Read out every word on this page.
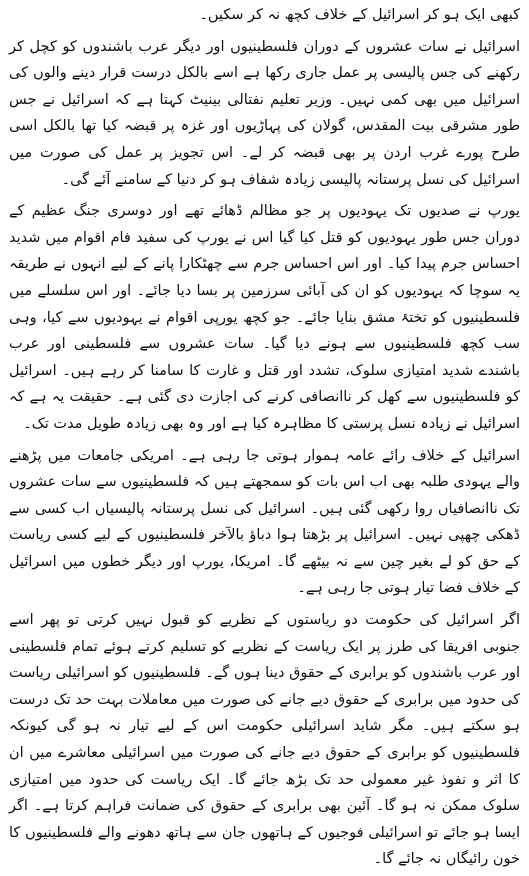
کبھی ایک ہو کر اسرائیل کے خلاف کچھ نہ کر سکیں۔

اسرائیل نے سات عشروں کے دوران فلسطینیوں اور دیگر عرب باشندوں کو کچل کر رکھنے کی جس پالیسی پر عمل جاری رکھا ہے اسے بالکل درست قرار دینے والوں کی اسرائیل میں بھی کمی نہیں۔ وزیر تعلیم نفتالی بینیٹ کہتا ہے کہ اسرائیل نے جس طور مشرقی بیت المقدس، گولان کی پہاڑیوں اور غزہ پر قبضہ کیا تھا بالکل اسی طرح پورے غرب اردن پر بھی قبضہ کر لے۔ اس تجویز پر عمل کی صورت میں اسرائیل کی نسل پرستانہ پالیسی زیادہ شفاف ہو کر دنیا کے سامنے آئے گی۔

یورپ نے صدیوں تک یہودیوں پر جو مظالم ڈھائے تھے اور دوسری جنگ عظیم کے دوران جس طور یہودیوں کو قتل کیا گیا اس نے یورپ کی سفید فام اقوام میں شدید احساس جرم پیدا کیا۔ اور اس احساس جرم سے چھٹکارا پانے کے لیے انہوں نے طریقہ یہ سوچا کہ یہودیوں کو ان کی آبائی سرزمین پر بسا دیا جائے۔ اور اس سلسلے میں فلسطینیوں کو تختۂ مشق بنایا جائے۔ جو کچھ یورپی اقوام نے یہودیوں سے کیا، وہی سب کچھ فلسطینیوں سے ہونے دیا گیا۔ سات عشروں سے فلسطینی اور عرب باشندے شدید امتیازی سلوک، تشدد اور قتل و غارت کا سامنا کر رہے ہیں۔ اسرائیل کو فلسطینیوں سے کھل کر ناانصافی کرنے کی اجازت دی گئی ہے۔ حقیقت یہ ہے کہ اسرائیل نے زیادہ نسل پرستی کا مظاہرہ کیا ہے اور وہ بھی زیادہ طویل مدت تک۔

اسرائیل کے خلاف رائے عامہ ہموار ہوتی جا رہی ہے۔ امریکی جامعات میں پڑھنے والے یہودی طلبہ بھی اب اس بات کو سمجھتے ہیں کہ فلسطینیوں سے سات عشروں تک ناانصافیاں روا رکھی گئی ہیں۔ اسرائیل کی نسل پرستانہ پالیسیاں اب کسی سے ڈھکی چھپی نہیں۔ اسرائیل پر بڑھتا ہوا دباؤ بالآخر فلسطینیوں کے لیے کسی ریاست کے حق کو لے بغیر چین سے نہ بیٹھے گا۔ امریکا، یورپ اور دیگر خطوں میں اسرائیل کے خلاف فضا تیار ہوتی جا رہی ہے۔

اگر اسرائیل کی حکومت دو ریاستوں کے نظریے کو قبول نہیں کرتی تو پھر اسے جنوبی افریقا کی طرز پر ایک ریاست کے نظریے کو تسلیم کرتے ہوئے تمام فلسطینی اور عرب باشندوں کو برابری کے حقوق دینا ہوں گے۔ فلسطینیوں کو اسرائیلی ریاست کی حدود میں برابری کے حقوق دیے جانے کی صورت میں معاملات بہت حد تک درست ہو سکتے ہیں۔ مگر شاید اسرائیلی حکومت اس کے لیے تیار نہ ہو گی کیونکہ فلسطینیوں کو برابری کے حقوق دیے جانے کی صورت میں اسرائیلی معاشرے میں ان کا اثر و نفوذ غیر معمولی حد تک بڑھ جائے گا۔ ایک ریاست کی حدود میں امتیازی سلوک ممکن نہ ہو گا۔ آئین بھی برابری کے حقوق کی ضمانت فراہم کرتا ہے۔ اگر ایسا ہو جائے تو اسرائیلی فوجیوں کے ہاتھوں جان سے ہاتھ دھونے والے فلسطینیوں کا خون رائیگاں نہ جائے گا۔
